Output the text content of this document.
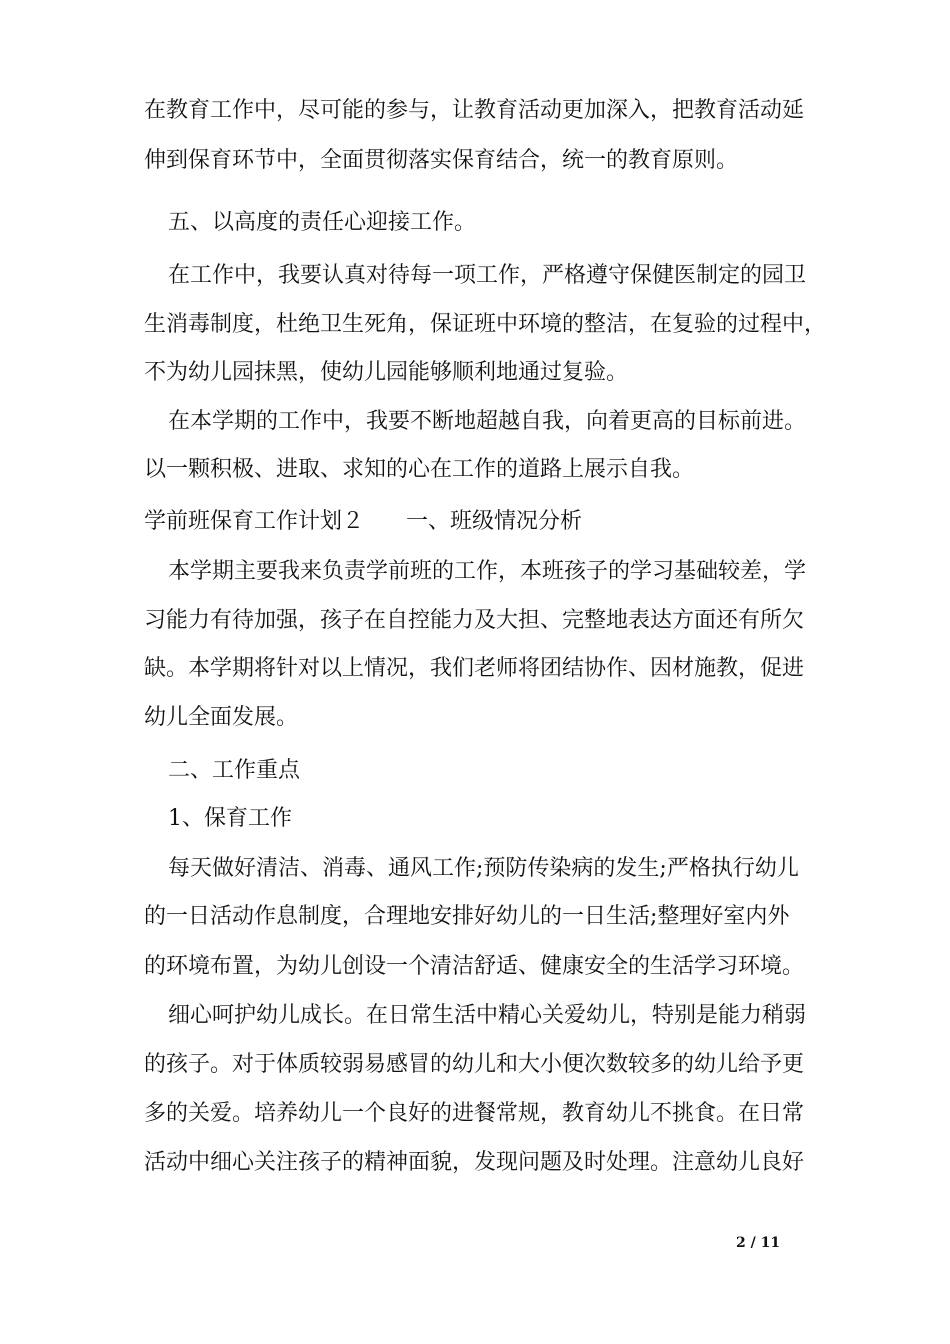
在教育工作中，尽可能的参与，让教育活动更加深入，把教育活动延
伸到保育环节中，全面贯彻落实保育结合，统一的教育原则。
五、以高度的责任心迎接工作。
在工作中，我要认真对待每一项工作，严格遵守保健医制定的园卫
生消毒制度，杜绝卫生死角，保证班中环境的整洁，在复验的过程中，
不为幼儿园抹黑，使幼儿园能够顺利地通过复验。
在本学期的工作中，我要不断地超越自我，向着更高的目标前进。
以一颗积极、进取、求知的心在工作的道路上展示自我。
学前班保育工作计划２ 一、班级情况分析
本学期主要我来负责学前班的工作，本班孩子的学习基础较差，学
习能力有待加强，孩子在自控能力及大担、完整地表达方面还有所欠
缺。本学期将针对以上情况，我们老师将团结协作、因材施教，促进
幼儿全面发展。
二、工作重点
1、保育工作
每天做好清洁、消毒、通风工作;预防传染病的发生;严格执行幼儿
的一日活动作息制度，合理地安排好幼儿的一日生活;整理好室内外
的环境布置，为幼儿创设一个清洁舒适、健康安全的生活学习环境。
细心呵护幼儿成长。在日常生活中精心关爱幼儿，特别是能力稍弱
的孩子。对于体质较弱易感冒的幼儿和大小便次数较多的幼儿给予更
多的关爱。培养幼儿一个良好的进餐常规，教育幼儿不挑食。在日常
活动中细心关注孩子的精神面貌，发现问题及时处理。注意幼儿良好
2 / 11
